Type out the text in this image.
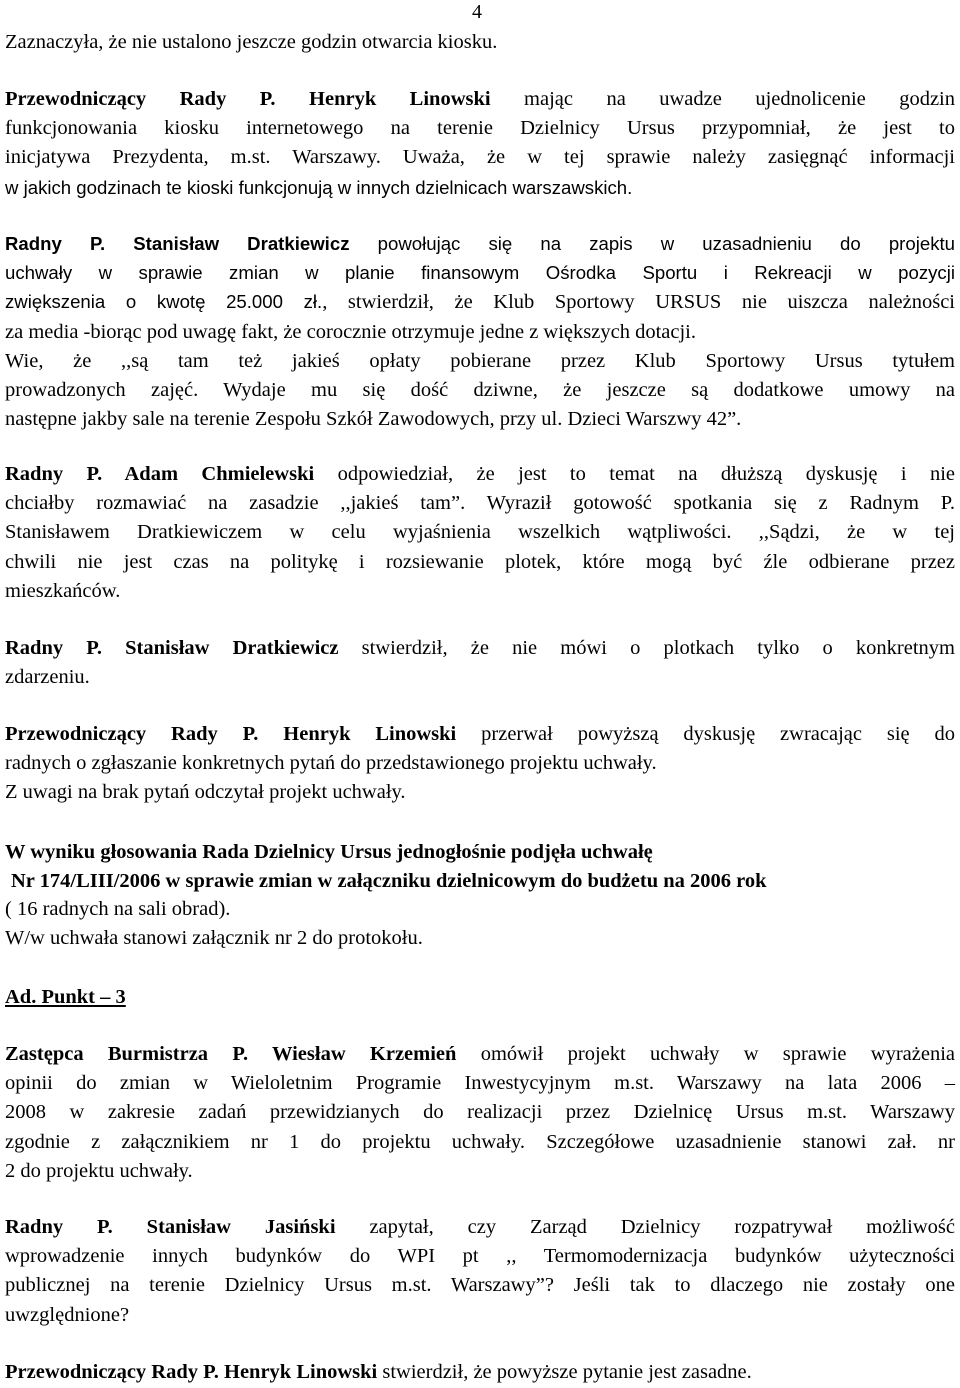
4

Zaznaczyła, że nie ustalono jeszcze godzin otwarcia kiosku.

Przewodniczący Rady P. Henryk Linowski mając na uwadze ujednolicenie godzin
funkcjonowania kiosku internetowego na terenie Dzielnicy Ursus przypomniał, że jest to
inicjatywa Prezydenta, m.st. Warszawy. Uważa, że w tej sprawie należy zasięgnąć informacji
w jakich godzinach te kioski funkcjonują w innych dzielnicach warszawskich.

Radny P. Stanisław Dratkiewicz powołując się na zapis w uzasadnieniu do projektu
uchwały w sprawie zmian w planie finansowym Ośrodka Sportu i Rekreacji w pozycji
zwiększenia o kwotę 25.000 zł., stwierdził, że Klub Sportowy URSUS nie uiszcza należności
za media -biorąc pod uwagę fakt, że corocznie otrzymuje jedne z większych dotacji.
Wie, że ,,są tam też jakieś opłaty pobierane przez Klub Sportowy Ursus tytułem
prowadzonych zajęć. Wydaje mu się dość dziwne, że jeszcze są dodatkowe umowy na
następne jakby sale na terenie Zespołu Szkół Zawodowych, przy ul. Dzieci Warszwy 42”.

Radny P. Adam Chmielewski odpowiedział, że jest to temat na dłuższą dyskusję i nie
chciałby rozmawiać na zasadzie ,,jakieś tam”. Wyraził gotowość spotkania się z Radnym P.
Stanisławem Dratkiewiczem w celu wyjaśnienia wszelkich wątpliwości. ,,Sądzi, że w tej
chwili nie jest czas na politykę i rozsiewanie plotek, które mogą być źle odbierane przez
mieszkańców.

Radny P. Stanisław Dratkiewicz stwierdził, że nie mówi o plotkach tylko o konkretnym
zdarzeniu.

Przewodniczący Rady P. Henryk Linowski przerwał powyższą dyskusję zwracając się do
radnych o zgłaszanie konkretnych pytań do przedstawionego projektu uchwały.
Z uwagi na brak pytań odczytał projekt uchwały.

W wyniku głosowania Rada Dzielnicy Ursus jednogłośnie podjęła uchwałę
Nr 174/LIII/2006 w sprawie zmian w załączniku dzielnicowym do budżetu na 2006 rok
( 16 radnych na sali obrad).
W/w uchwała stanowi załącznik nr 2 do protokołu.

Ad. Punkt – 3

Zastępca Burmistrza P. Wiesław Krzemień omówił projekt uchwały w sprawie wyrażenia
opinii do zmian w Wieloletnim Programie Inwestycyjnym m.st. Warszawy na lata 2006 –
2008 w zakresie zadań przewidzianych do realizacji przez Dzielnicę Ursus m.st. Warszawy
zgodnie z załącznikiem nr 1 do projektu uchwały. Szczegółowe uzasadnienie stanowi zał. nr
2 do projektu uchwały.

Radny P. Stanisław Jasiński zapytał, czy Zarząd Dzielnicy rozpatrywał możliwość
wprowadzenie innych budynków do WPI pt ,, Termomodernizacja budynków użyteczności
publicznej na terenie Dzielnicy Ursus m.st. Warszawy”? Jeśli tak to dlaczego nie zostały one
uwzględnione?

Przewodniczący Rady P. Henryk Linowski stwierdził, że powyższe pytanie jest zasadne.
